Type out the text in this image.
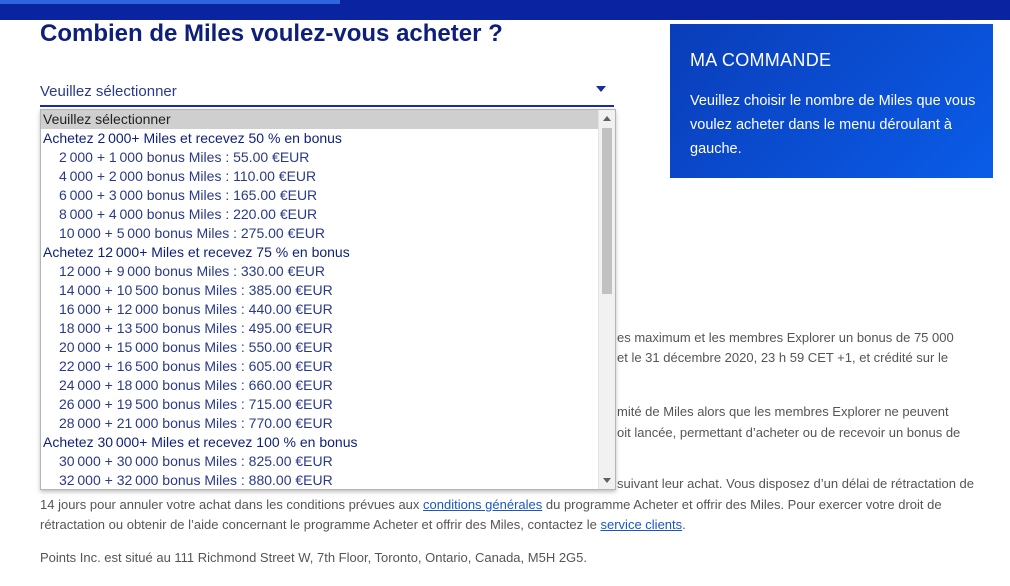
Combien de Miles voulez-vous acheter ?
Veuillez sélectionner
Veuillez sélectionner
Achetez 2 000+ Miles et recevez 50 % en bonus
2 000 + 1 000 bonus Miles : 55.00 €EUR
4 000 + 2 000 bonus Miles : 110.00 €EUR
6 000 + 3 000 bonus Miles : 165.00 €EUR
8 000 + 4 000 bonus Miles : 220.00 €EUR
10 000 + 5 000 bonus Miles : 275.00 €EUR
Achetez 12 000+ Miles et recevez 75 % en bonus
12 000 + 9 000 bonus Miles : 330.00 €EUR
14 000 + 10 500 bonus Miles : 385.00 €EUR
16 000 + 12 000 bonus Miles : 440.00 €EUR
18 000 + 13 500 bonus Miles : 495.00 €EUR
20 000 + 15 000 bonus Miles : 550.00 €EUR
22 000 + 16 500 bonus Miles : 605.00 €EUR
24 000 + 18 000 bonus Miles : 660.00 €EUR
26 000 + 19 500 bonus Miles : 715.00 €EUR
28 000 + 21 000 bonus Miles : 770.00 €EUR
Achetez 30 000+ Miles et recevez 100 % en bonus
30 000 + 30 000 bonus Miles : 825.00 €EUR
32 000 + 32 000 bonus Miles : 880.00 €EUR
MA COMMANDE
Veuillez choisir le nombre de Miles que vous voulez acheter dans le menu déroulant à gauche.
es maximum et les membres Explorer un bonus de 75 000
et le 31 décembre 2020, 23 h 59 CET +1, et crédité sur le
mité de Miles alors que les membres Explorer ne peuvent
oit lancée, permettant d’acheter ou de recevoir un bonus de
suivant leur achat. Vous disposez d’un délai de rétractation de
14 jours pour annuler votre achat dans les conditions prévues aux conditions générales du programme Acheter et offrir des Miles. Pour exercer votre droit de
rétractation ou obtenir de l’aide concernant le programme Acheter et offrir des Miles, contactez le service clients.
Points Inc. est situé au 111 Richmond Street W, 7th Floor, Toronto, Ontario, Canada, M5H 2G5.
